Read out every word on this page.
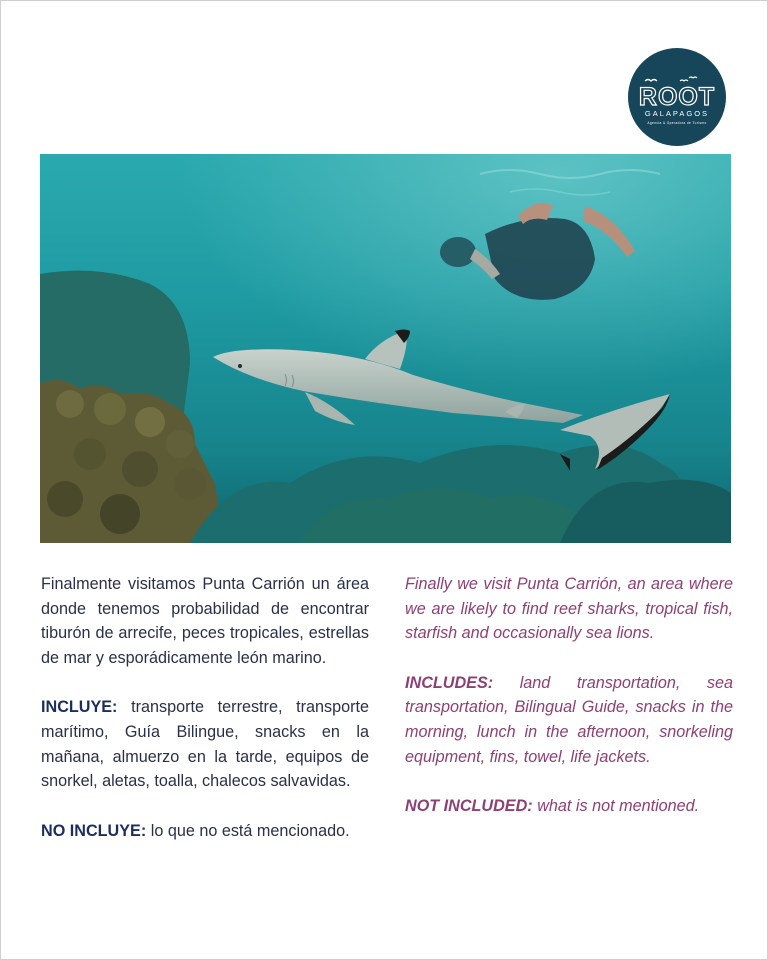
ROOT
GALAPAGOS
Agencia & Operadora de Turismo

Finalmente visitamos Punta Carrión un área donde tenemos probabilidad de encontrar tiburón de arrecife, peces tropicales, estrellas de mar y esporádicamente león marino.

INCLUYE: transporte terrestre, transporte marítimo, Guía Bilingue, snacks en la mañana, almuerzo en la tarde, equipos de snorkel, aletas, toalla, chalecos salvavidas.

NO INCLUYE: lo que no está mencionado.

Finally we visit Punta Carrión, an area where we are likely to find reef sharks, tropical fish, starfish and occasionally sea lions.

INCLUDES: land transportation, sea transportation, Bilingual Guide, snacks in the morning, lunch in the afternoon, snorkeling equipment, fins, towel, life jackets.

NOT INCLUDED: what is not mentioned.
